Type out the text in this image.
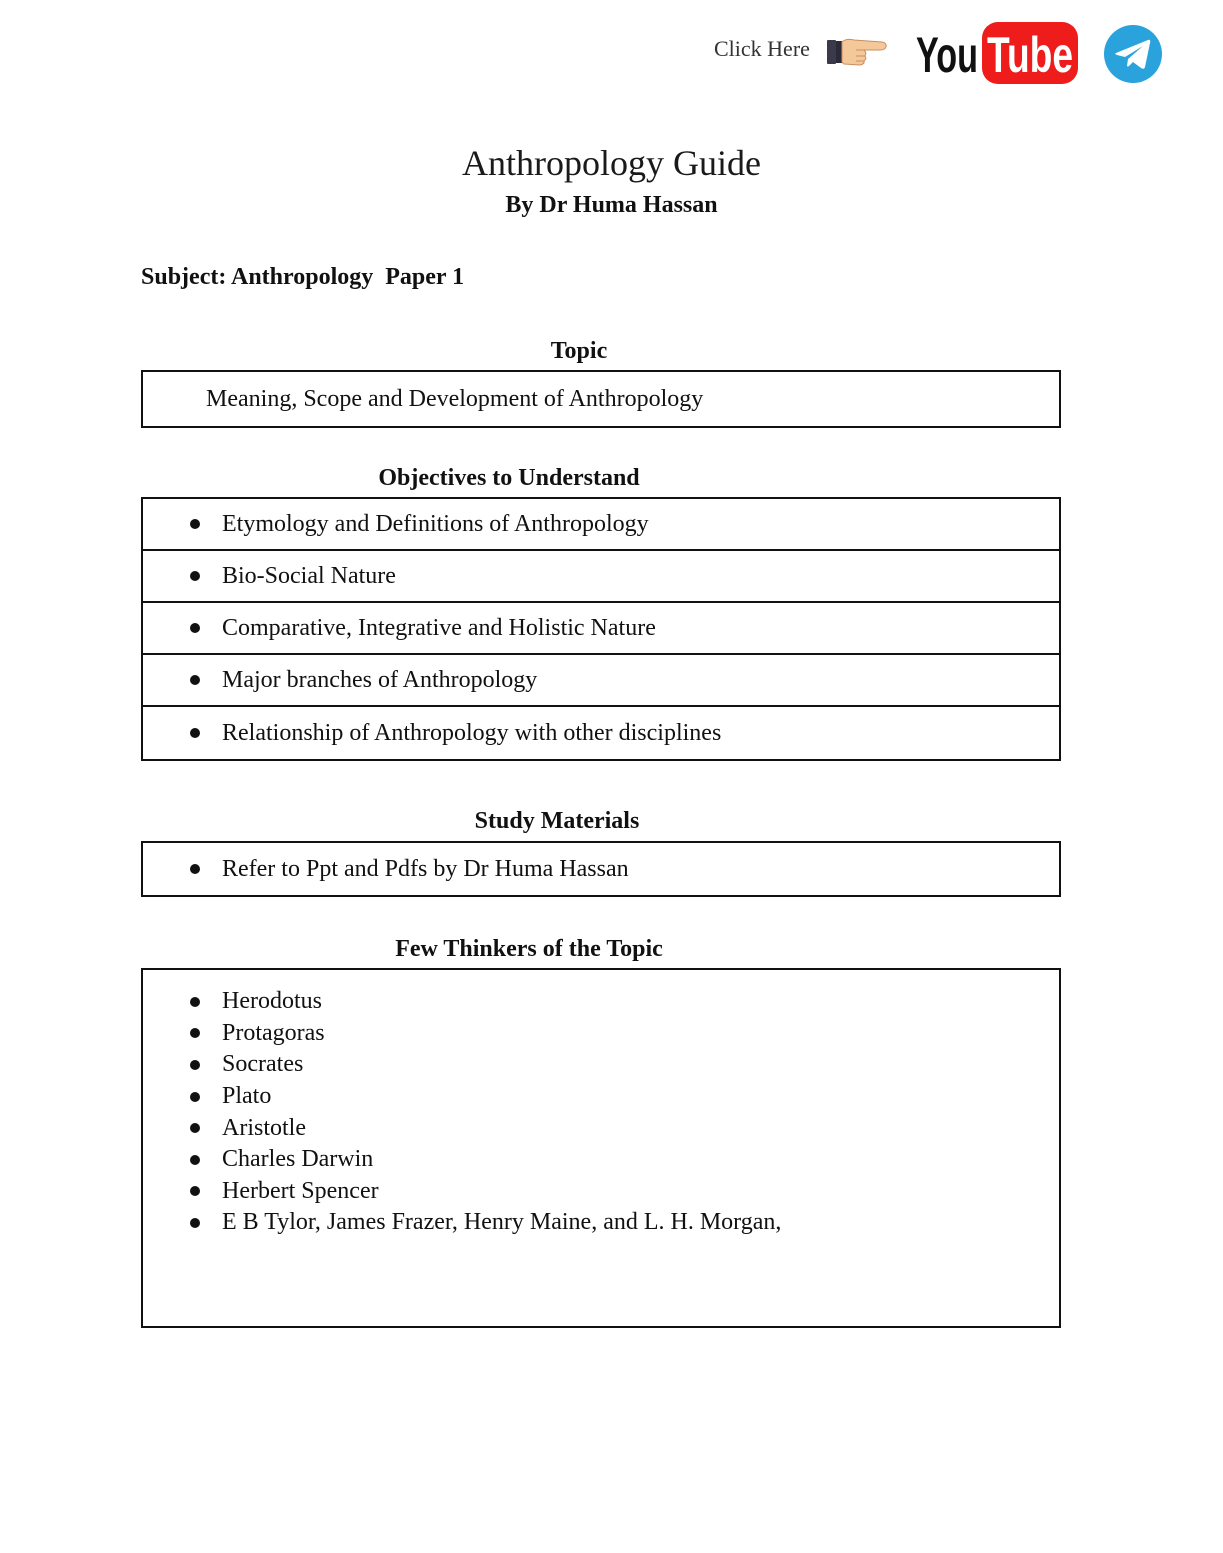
Click Here You Tube
Anthropology Guide
By Dr Huma Hassan
Subject: Anthropology  Paper 1
Topic
Meaning, Scope and Development of Anthropology
Objectives to Understand
Etymology and Definitions of Anthropology
Bio-Social Nature
Comparative, Integrative and Holistic Nature
Major branches of Anthropology
Relationship of Anthropology with other disciplines
Study Materials
Refer to Ppt and Pdfs by Dr Huma Hassan
Few Thinkers of the Topic
Herodotus
Protagoras
Socrates
Plato
Aristotle
Charles Darwin
Herbert Spencer
E B Tylor, James Frazer, Henry Maine, and L. H. Morgan,
